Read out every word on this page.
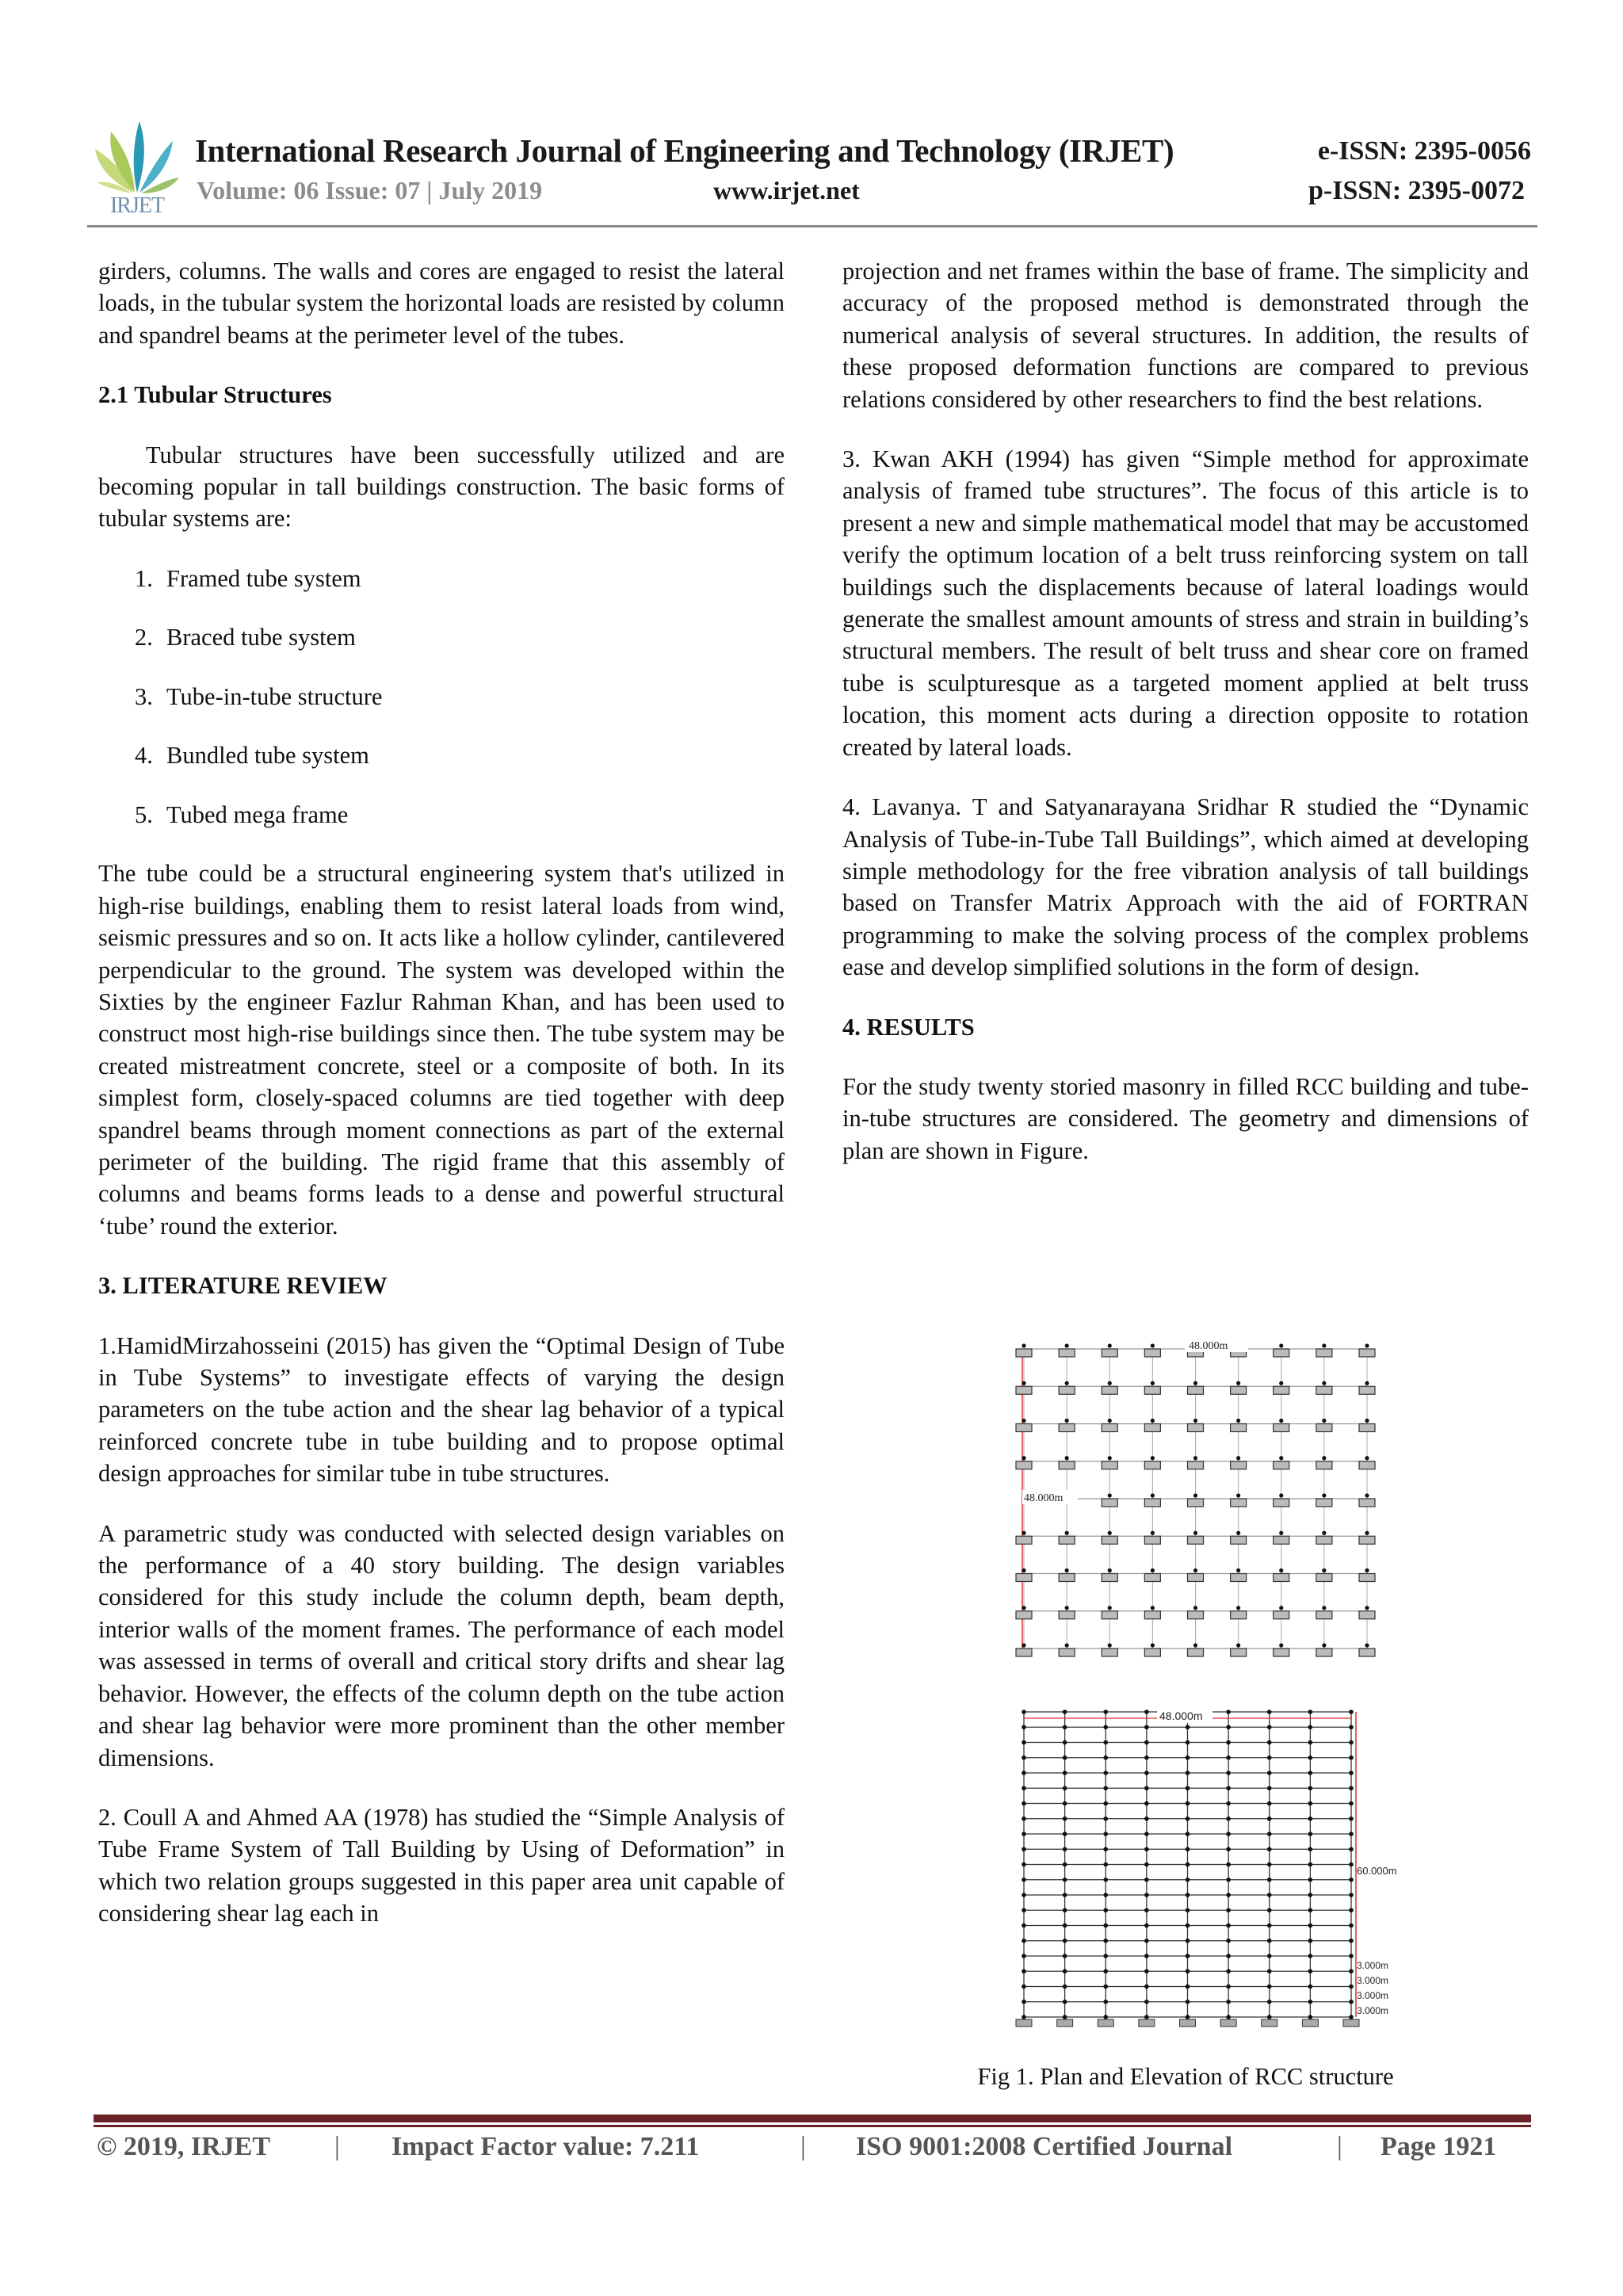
IRJET
International Research Journal of Engineering and Technology (IRJET)	e-ISSN: 2395-0056
Volume: 06 Issue: 07 | July 2019	www.irjet.net	p-ISSN: 2395-0072

girders, columns. The walls and cores are engaged to resist the lateral loads, in the tubular system the horizontal loads are resisted by column and spandrel beams at the perimeter level of the tubes.

2.1 Tubular Structures

Tubular structures have been successfully utilized and are becoming popular in tall buildings construction. The basic forms of tubular systems are:

1. Framed tube system
2. Braced tube system
3. Tube-in-tube structure
4. Bundled tube system
5. Tubed mega frame

The tube could be a structural engineering system that's utilized in high-rise buildings, enabling them to resist lateral loads from wind, seismic pressures and so on. It acts like a hollow cylinder, cantilevered perpendicular to the ground. The system was developed within the Sixties by the engineer Fazlur Rahman Khan, and has been used to construct most high-rise buildings since then. The tube system may be created mistreatment concrete, steel or a composite of both. In its simplest form, closely-spaced columns are tied together with deep spandrel beams through moment connections as part of the external perimeter of the building. The rigid frame that this assembly of columns and beams forms leads to a dense and powerful structural ‘tube’ round the exterior.

3. LITERATURE REVIEW

1.HamidMirzahosseini (2015) has given the “Optimal Design of Tube in Tube Systems” to investigate effects of varying the design parameters on the tube action and the shear lag behavior of a typical reinforced concrete tube in tube building and to propose optimal design approaches for similar tube in tube structures.

A parametric study was conducted with selected design variables on the performance of a 40 story building. The design variables considered for this study include the column depth, beam depth, interior walls of the moment frames. The performance of each model was assessed in terms of overall and critical story drifts and shear lag behavior. However, the effects of the column depth on the tube action and shear lag behavior were more prominent than the other member dimensions.

2. Coull A and Ahmed AA (1978) has studied the “Simple Analysis of Tube Frame System of Tall Building by Using of Deformation” in which two relation groups suggested in this paper area unit capable of considering shear lag each in

projection and net frames within the base of frame. The simplicity and accuracy of the proposed method is demonstrated through the numerical analysis of several structures. In addition, the results of these proposed deformation functions are compared to previous relations considered by other researchers to find the best relations.

3. Kwan AKH (1994) has given “Simple method for approximate analysis of framed tube structures”. The focus of this article is to present a new and simple mathematical model that may be accustomed verify the optimum location of a belt truss reinforcing system on tall buildings such the displacements because of lateral loadings would generate the smallest amount amounts of stress and strain in building’s structural members. The result of belt truss and shear core on framed tube is sculpturesque as a targeted moment applied at belt truss location, this moment acts during a direction opposite to rotation created by lateral loads.

4. Lavanya. T and Satyanarayana Sridhar R studied the “Dynamic Analysis of Tube-in-Tube Tall Buildings”, which aimed at developing simple methodology for the free vibration analysis of tall buildings based on Transfer Matrix Approach with the aid of FORTRAN programming to make the solving process of the complex problems ease and develop simplified solutions in the form of design.

4. RESULTS

For the study twenty storied masonry in filled RCC building and tube-in-tube structures are considered. The geometry and dimensions of plan are shown in Figure.

48.000m
48.000m
48.000m
60.000m
3.000m
3.000m
3.000m
3.000m
Fig 1. Plan and Elevation of RCC structure
© 2019, IRJET | Impact Factor value: 7.211	| ISO 9001:2008 Certified Journal	| Page 1921
